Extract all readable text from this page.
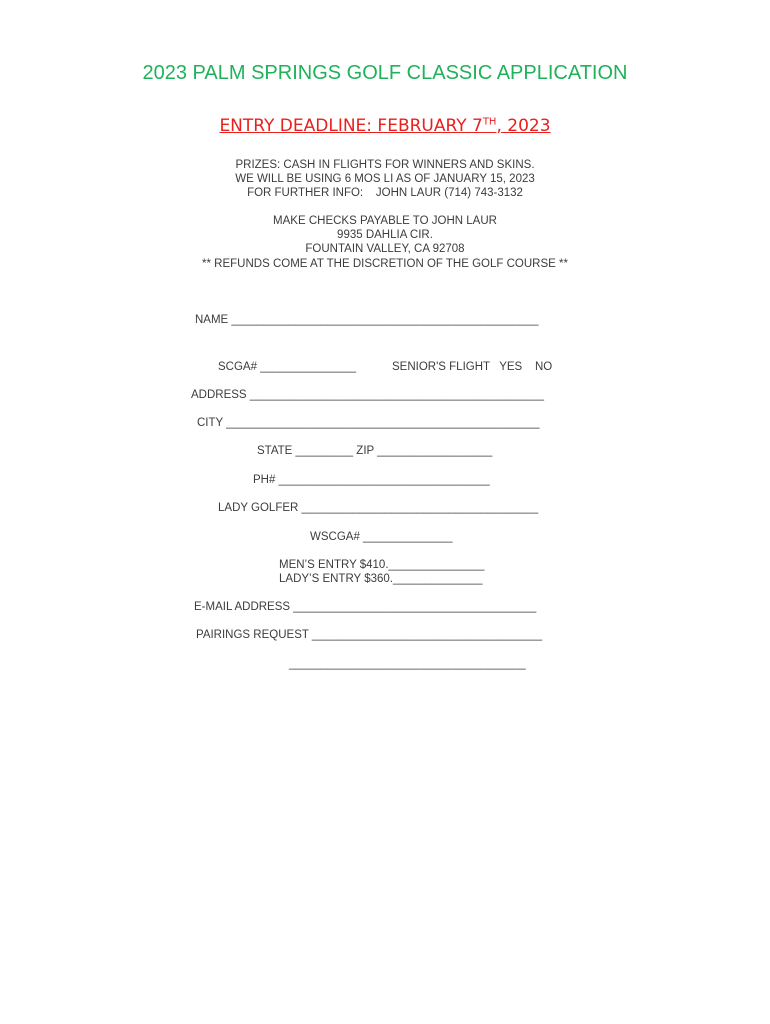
2023 PALM SPRINGS GOLF CLASSIC APPLICATION
ENTRY DEADLINE: FEBRUARY 7TH, 2023
PRIZES: CASH IN FLIGHTS FOR WINNERS AND SKINS.
WE WILL BE USING 6 MOS LI AS OF JANUARY 15, 2023
FOR FURTHER INFO:    JOHN LAUR (714) 743-3132
MAKE CHECKS PAYABLE TO JOHN LAUR
9935 DAHLIA CIR.
FOUNTAIN VALLEY, CA 92708
** REFUNDS COME AT THE DISCRETION OF THE GOLF COURSE **
NAME ________________________________________________
SCGA# _______________	SENIOR'S FLIGHT   YES    NO
ADDRESS ______________________________________________
CITY _________________________________________________
STATE _________ ZIP __________________
PH# _________________________________
LADY GOLFER _____________________________________
WSCGA# ______________
MEN’S ENTRY $410._______________
LADY’S ENTRY $360.______________
E-MAIL ADDRESS ______________________________________
PAIRINGS REQUEST ____________________________________
_____________________________________
